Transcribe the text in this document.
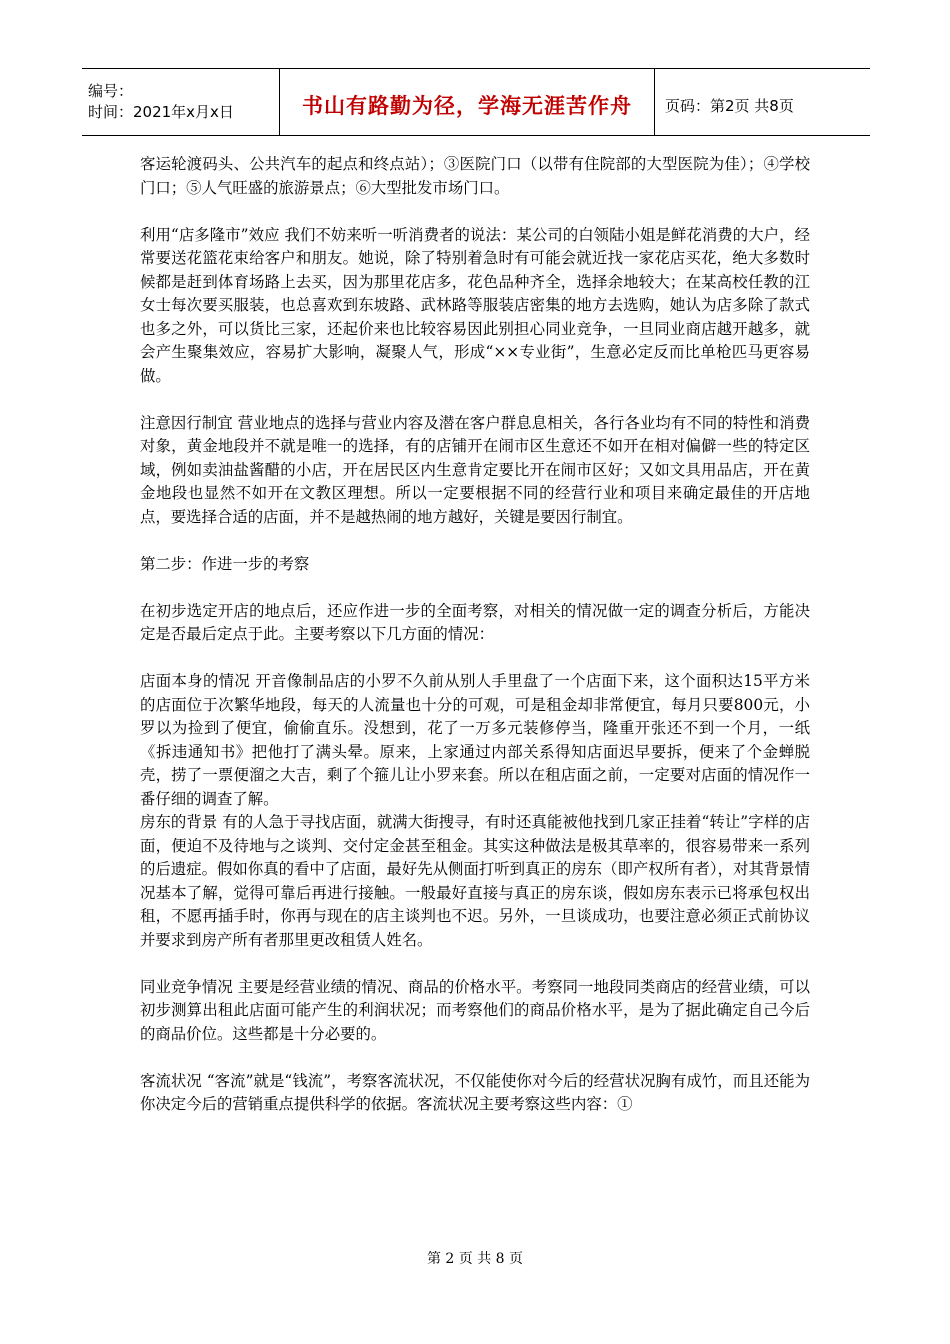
编号：
时间：2021年x月x日	书山有路勤为径，学海无涯苦作舟 页码：第2页 共8页

客运轮渡码头、公共汽车的起点和终点站）；③医院门口（以带有住院部的大型医院为佳）；④学校门口；⑤人气旺盛的旅游景点；⑥大型批发市场门口。

利用“店多隆市”效应 我们不妨来听一听消费者的说法：某公司的白领陆小姐是鲜花消费的大户，经常要送花篮花束给客户和朋友。她说，除了特别着急时有可能会就近找一家花店买花，绝大多数时候都是赶到体育场路上去买，因为那里花店多，花色品种齐全，选择余地较大；在某高校任教的江女士每次要买服装，也总喜欢到东坡路、武林路等服装店密集的地方去选购，她认为店多除了款式也多之外，可以货比三家，还起价来也比较容易因此别担心同业竞争，一旦同业商店越开越多，就会产生聚集效应，容易扩大影响，凝聚人气，形成“××专业街”，生意必定反而比单枪匹马更容易做。

注意因行制宜 营业地点的选择与营业内容及潜在客户群息息相关，各行各业均有不同的特性和消费对象，黄金地段并不就是唯一的选择，有的店铺开在闹市区生意还不如开在相对偏僻一些的特定区域，例如卖油盐酱醋的小店，开在居民区内生意肯定要比开在闹市区好；又如文具用品店，开在黄金地段也显然不如开在文教区理想。所以一定要根据不同的经营行业和项目来确定最佳的开店地点，要选择合适的店面，并不是越热闹的地方越好，关键是要因行制宜。

第二步：作进一步的考察

在初步选定开店的地点后，还应作进一步的全面考察，对相关的情况做一定的调查分析后，方能决定是否最后定点于此。主要考察以下几方面的情况：

店面本身的情况 开音像制品店的小罗不久前从别人手里盘了一个店面下来，这个面积达15平方米的店面位于次繁华地段，每天的人流量也十分的可观，可是租金却非常便宜，每月只要800元，小罗以为捡到了便宜，偷偷直乐。没想到，花了一万多元装修停当，隆重开张还不到一个月，一纸《拆违通知书》把他打了满头晕。原来，上家通过内部关系得知店面迟早要拆，便来了个金蝉脱壳，捞了一票便溜之大吉，剩了个箍儿让小罗来套。所以在租店面之前，一定要对店面的情况作一番仔细的调查了解。

房东的背景 有的人急于寻找店面，就满大街搜寻，有时还真能被他找到几家正挂着“转让”字样的店面，便迫不及待地与之谈判、交付定金甚至租金。其实这种做法是极其草率的，很容易带来一系列的后遗症。假如你真的看中了店面，最好先从侧面打听到真正的房东（即产权所有者），对其背景情况基本了解，觉得可靠后再进行接触。一般最好直接与真正的房东谈，假如房东表示已将承包权出租，不愿再插手时，你再与现在的店主谈判也不迟。另外，一旦谈成功，也要注意必须正式前协议并要求到房产所有者那里更改租赁人姓名。

同业竞争情况 主要是经营业绩的情况、商品的价格水平。考察同一地段同类商店的经营业绩，可以初步测算出租此店面可能产生的利润状况；而考察他们的商品价格水平，是为了据此确定自己今后的商品价位。这些都是十分必要的。

客流状况 “客流”就是“钱流”，考察客流状况，不仅能使你对今后的经营状况胸有成竹，而且还能为你决定今后的营销重点提供科学的依据。客流状况主要考察这些内容：①

第 2 页 共 8 页
